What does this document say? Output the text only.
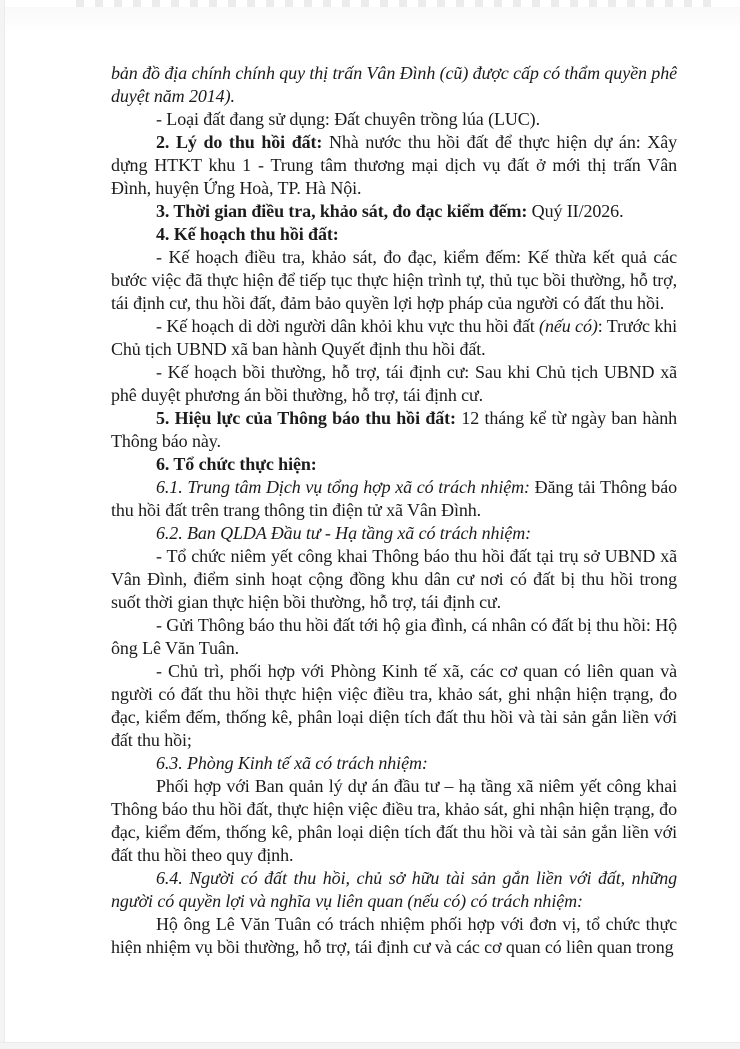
bản đồ địa chính chính quy thị trấn Vân Đình (cũ) được cấp có thẩm quyền phê duyệt năm 2014).

- Loại đất đang sử dụng: Đất chuyên trồng lúa (LUC).

2. Lý do thu hồi đất: Nhà nước thu hồi đất để thực hiện dự án: Xây dựng HTKT khu 1 - Trung tâm thương mại dịch vụ đất ở mới thị trấn Vân Đình, huyện Ứng Hoà, TP. Hà Nội.

3. Thời gian điều tra, khảo sát, đo đạc kiểm đếm: Quý II/2026.

4. Kế hoạch thu hồi đất:

- Kế hoạch điều tra, khảo sát, đo đạc, kiểm đếm: Kế thừa kết quả các bước việc đã thực hiện để tiếp tục thực hiện trình tự, thủ tục bồi thường, hỗ trợ, tái định cư, thu hồi đất, đảm bảo quyền lợi hợp pháp của người có đất thu hồi.

- Kế hoạch di dời người dân khỏi khu vực thu hồi đất (nếu có): Trước khi Chủ tịch UBND xã ban hành Quyết định thu hồi đất.

- Kế hoạch bồi thường, hỗ trợ, tái định cư: Sau khi Chủ tịch UBND xã phê duyệt phương án bồi thường, hỗ trợ, tái định cư.

5. Hiệu lực của Thông báo thu hồi đất: 12 tháng kể từ ngày ban hành Thông báo này.

6. Tổ chức thực hiện:

6.1. Trung tâm Dịch vụ tổng hợp xã có trách nhiệm: Đăng tải Thông báo thu hồi đất trên trang thông tin điện tử xã Vân Đình.

6.2. Ban QLDA Đầu tư - Hạ tầng xã có trách nhiệm:

- Tổ chức niêm yết công khai Thông báo thu hồi đất tại trụ sở UBND xã Vân Đình, điểm sinh hoạt cộng đồng khu dân cư nơi có đất bị thu hồi trong suốt thời gian thực hiện bồi thường, hỗ trợ, tái định cư.

- Gửi Thông báo thu hồi đất tới hộ gia đình, cá nhân có đất bị thu hồi: Hộ ông Lê Văn Tuân.

- Chủ trì, phối hợp với Phòng Kinh tế xã, các cơ quan có liên quan và người có đất thu hồi thực hiện việc điều tra, khảo sát, ghi nhận hiện trạng, đo đạc, kiểm đếm, thống kê, phân loại diện tích đất thu hồi và tài sản gắn liền với đất thu hồi;

6.3. Phòng Kinh tế xã có trách nhiệm:

Phối hợp với Ban quản lý dự án đầu tư – hạ tầng xã niêm yết công khai Thông báo thu hồi đất, thực hiện việc điều tra, khảo sát, ghi nhận hiện trạng, đo đạc, kiểm đếm, thống kê, phân loại diện tích đất thu hồi và tài sản gắn liền với đất thu hồi theo quy định.

6.4. Người có đất thu hồi, chủ sở hữu tài sản gắn liền với đất, những người có quyền lợi và nghĩa vụ liên quan (nếu có) có trách nhiệm:

Hộ ông Lê Văn Tuân có trách nhiệm phối hợp với đơn vị, tổ chức thực hiện nhiệm vụ bồi thường, hỗ trợ, tái định cư và các cơ quan có liên quan trong
